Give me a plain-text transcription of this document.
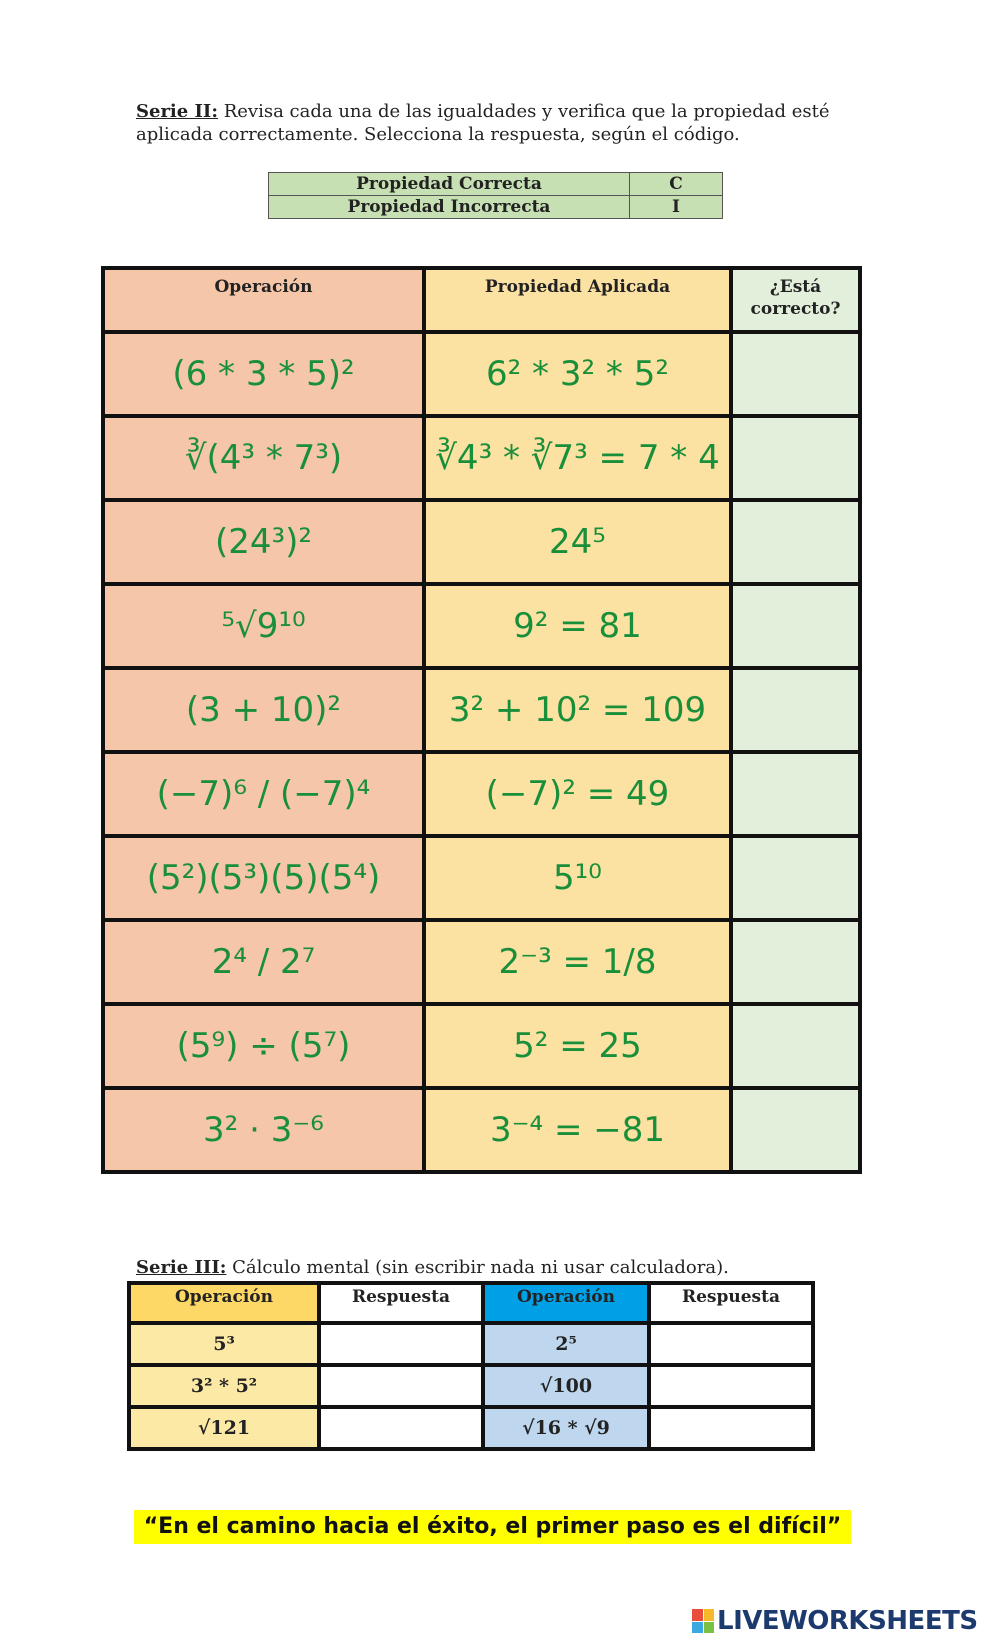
Serie II: Revisa cada una de las igualdades y verifica que la propiedad esté aplicada correctamente. Selecciona la respuesta, según el código.
Propiedad Correcta	C
Propiedad Incorrecta	I
Operación	Propiedad Aplicada	¿Está correcto?
(6 * 3 * 5)²	6² * 3² * 5²	
∛(4³ * 7³)	∛4³ * ∛7³ = 7 * 4	
(24³)²	24⁵	
⁵√9¹⁰	9² = 81	
(3 + 10)²	3² + 10² = 109	
(−7)⁶ / (−7)⁴	(−7)² = 49	
(5²)(5³)(5)(5⁴)	5¹⁰	
2⁴ / 2⁷	2⁻³ = 1/8	
(5⁹) ÷ (5⁷)	5² = 25	
3² · 3⁻⁶	3⁻⁴ = −81	
Serie III: Cálculo mental (sin escribir nada ni usar calculadora).
Operación	Respuesta	Operación	Respuesta
5³		2⁵	
3² * 5²		√100	
√121		√16 * √9	
“En el camino hacia el éxito, el primer paso es el difícil”
LIVEWORKSHEETS
